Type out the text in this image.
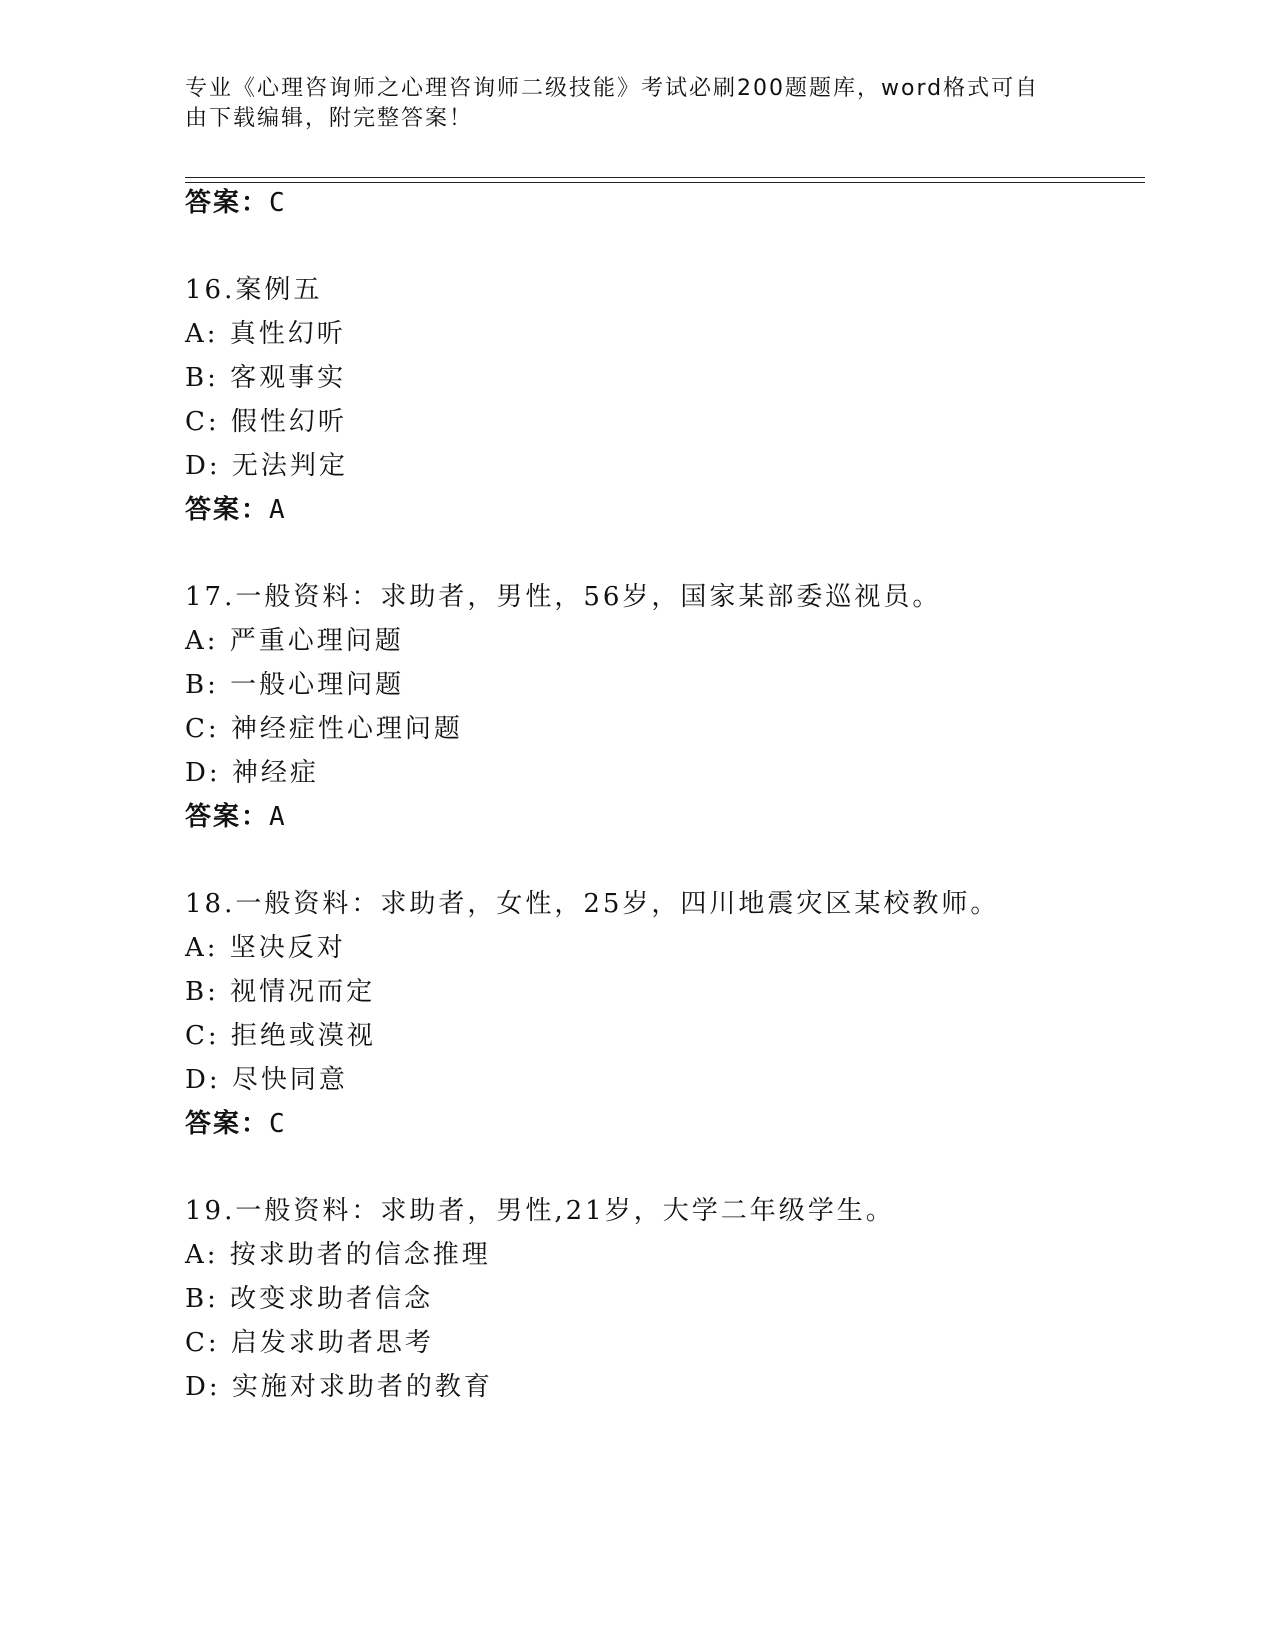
专业《心理咨询师之心理咨询师二级技能》考试必刷200题题库，word格式可自
由下载编辑，附完整答案！
答案：C
16.案例五
A: 真性幻听
B: 客观事实
C: 假性幻听
D: 无法判定
答案：A
17.一般资料：求助者，男性，56岁，国家某部委巡视员。
A: 严重心理问题
B: 一般心理问题
C: 神经症性心理问题
D: 神经症
答案：A
18.一般资料：求助者，女性，25岁，四川地震灾区某校教师。
A: 坚决反对
B: 视情况而定
C: 拒绝或漠视
D: 尽快同意
答案：C
19.一般资料：求助者，男性,21岁，大学二年级学生。
A: 按求助者的信念推理
B: 改变求助者信念
C: 启发求助者思考
D: 实施对求助者的教育
